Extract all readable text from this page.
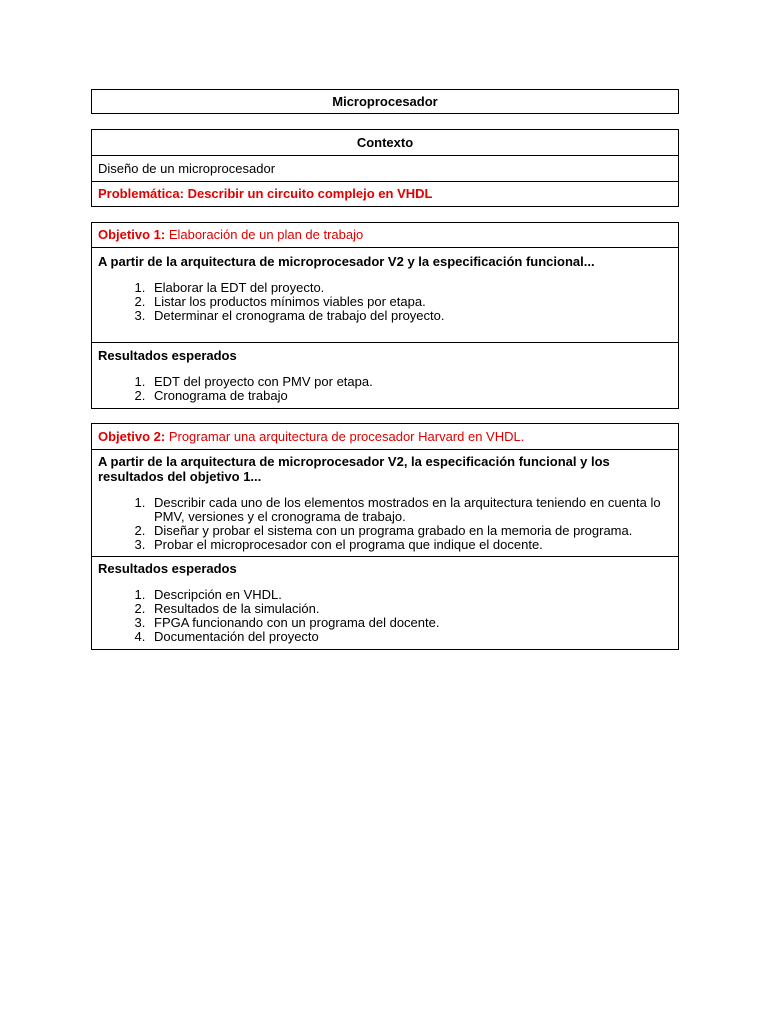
Microprocesador
Contexto
Diseño de un microprocesador
Problemática: Describir un circuito complejo en VHDL
Objetivo 1: Elaboración de un plan de trabajo
A partir de la arquitectura de microprocesador V2 y la especificación funcional...
1. Elaborar la EDT del proyecto.
2. Listar los productos mínimos viables por etapa.
3. Determinar el cronograma de trabajo del proyecto.
Resultados esperados
1. EDT del proyecto con PMV por etapa.
2. Cronograma de trabajo
Objetivo 2: Programar una arquitectura de procesador Harvard en VHDL.
A partir de la arquitectura de microprocesador V2, la especificación funcional y los resultados del objetivo 1...
1. Describir cada uno de los elementos mostrados en la arquitectura teniendo en cuenta lo PMV, versiones y el cronograma de trabajo.
2. Diseñar y probar el sistema con un programa grabado en la memoria de programa.
3. Probar el microprocesador con el programa que indique el docente.
Resultados esperados
1. Descripción en VHDL.
2. Resultados de la simulación.
3. FPGA funcionando con un programa del docente.
4. Documentación del proyecto
